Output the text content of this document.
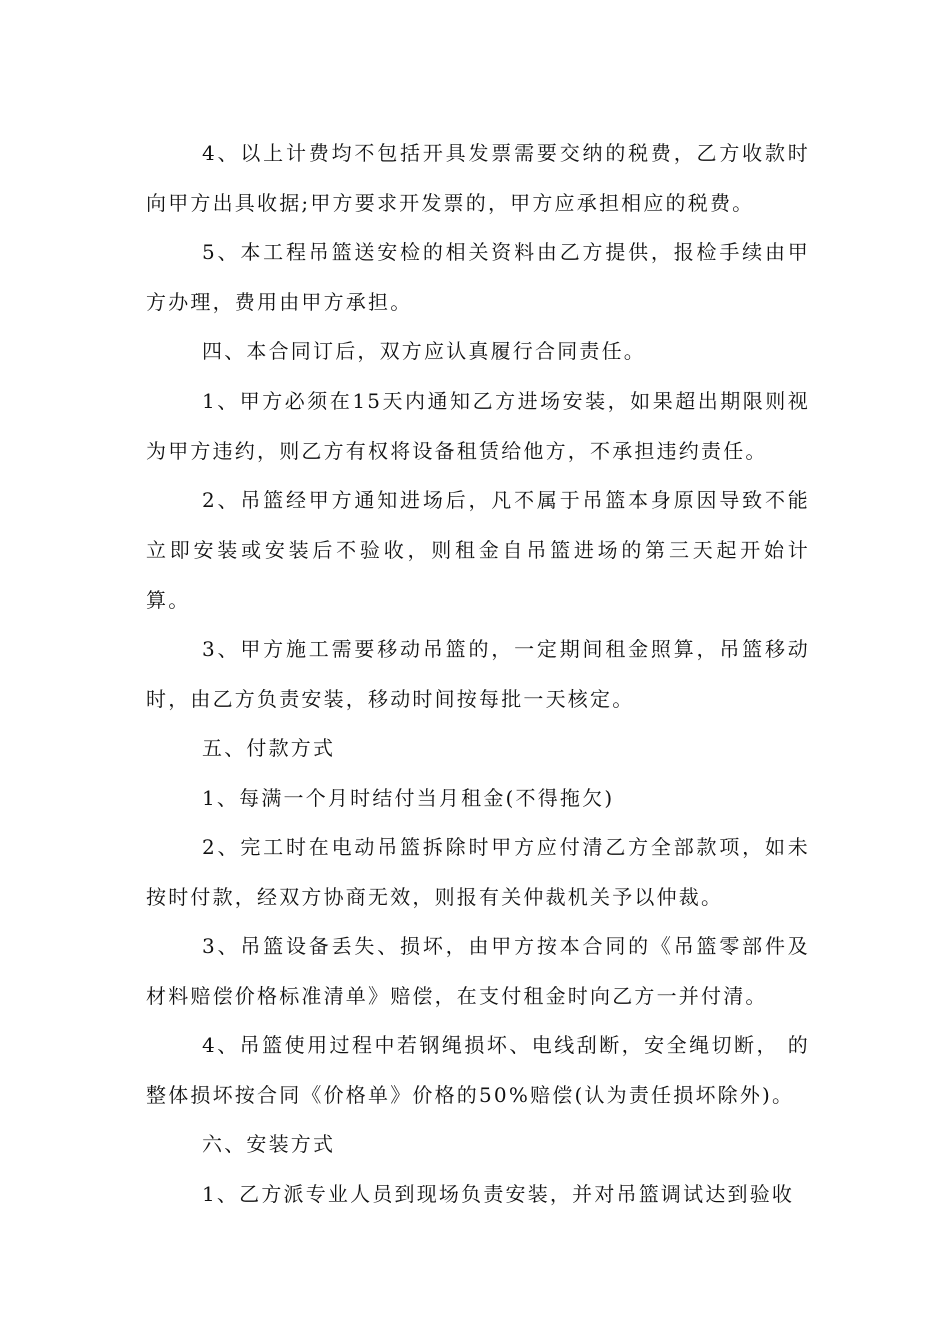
4、以上计费均不包括开具发票需要交纳的税费，乙方收款时向甲方出具收据;甲方要求开发票的，甲方应承担相应的税费。

5、本工程吊篮送安检的相关资料由乙方提供，报检手续由甲方办理，费用由甲方承担。

四、本合同订后，双方应认真履行合同责任。

1、甲方必须在15天内通知乙方进场安装，如果超出期限则视为甲方违约，则乙方有权将设备租赁给他方，不承担违约责任。

2、吊篮经甲方通知进场后，凡不属于吊篮本身原因导致不能立即安装或安装后不验收，则租金自吊篮进场的第三天起开始计算。

3、甲方施工需要移动吊篮的，一定期间租金照算，吊篮移动时，由乙方负责安装，移动时间按每批一天核定。

五、付款方式

1、每满一个月时结付当月租金(不得拖欠)

2、完工时在电动吊篮拆除时甲方应付清乙方全部款项，如未按时付款，经双方协商无效，则报有关仲裁机关予以仲裁。

3、吊篮设备丢失、损坏，由甲方按本合同的《吊篮零部件及材料赔偿价格标准清单》赔偿，在支付租金时向乙方一并付清。

4、吊篮使用过程中若钢绳损坏、电线刮断，安全绳切断， 的整体损坏按合同《价格单》价格的50%赔偿(认为责任损坏除外)。

六、安装方式

1、乙方派专业人员到现场负责安装，并对吊篮调试达到验收
